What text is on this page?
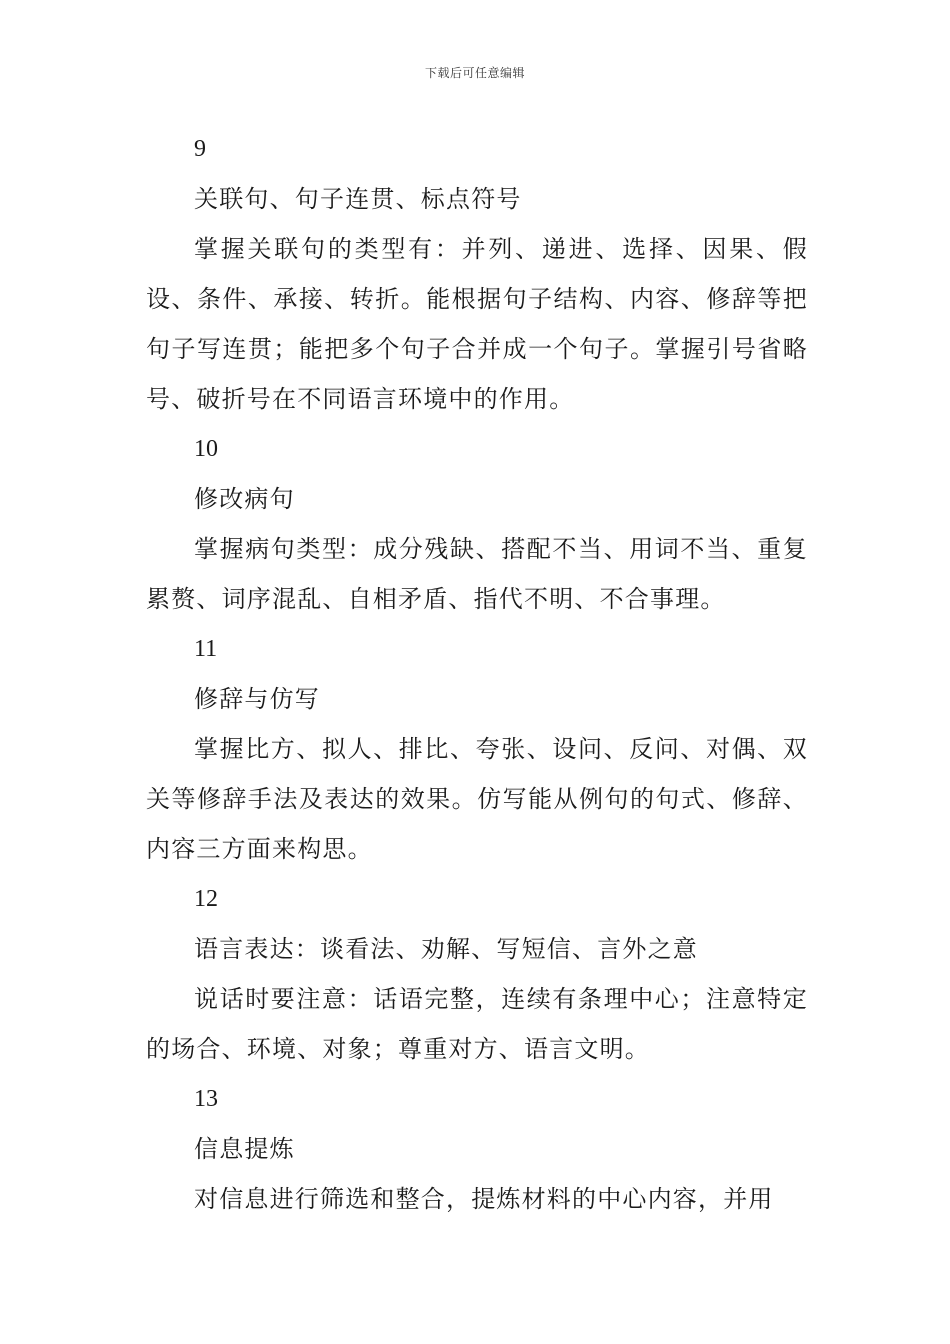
下载后可任意编辑

9

关联句、句子连贯、标点符号

掌握关联句的类型有：并列、递进、选择、因果、假设、条件、承接、转折。能根据句子结构、内容、修辞等把句子写连贯；能把多个句子合并成一个句子。掌握引号省略号、破折号在不同语言环境中的作用。

10

修改病句

掌握病句类型：成分残缺、搭配不当、用词不当、重复累赘、词序混乱、自相矛盾、指代不明、不合事理。

11

修辞与仿写

掌握比方、拟人、排比、夸张、设问、反问、对偶、双关等修辞手法及表达的效果。仿写能从例句的句式、修辞、内容三方面来构思。

12

语言表达：谈看法、劝解、写短信、言外之意

说话时要注意：话语完整，连续有条理中心；注意特定的场合、环境、对象；尊重对方、语言文明。

13

信息提炼

对信息进行筛选和整合，提炼材料的中心内容，并用
